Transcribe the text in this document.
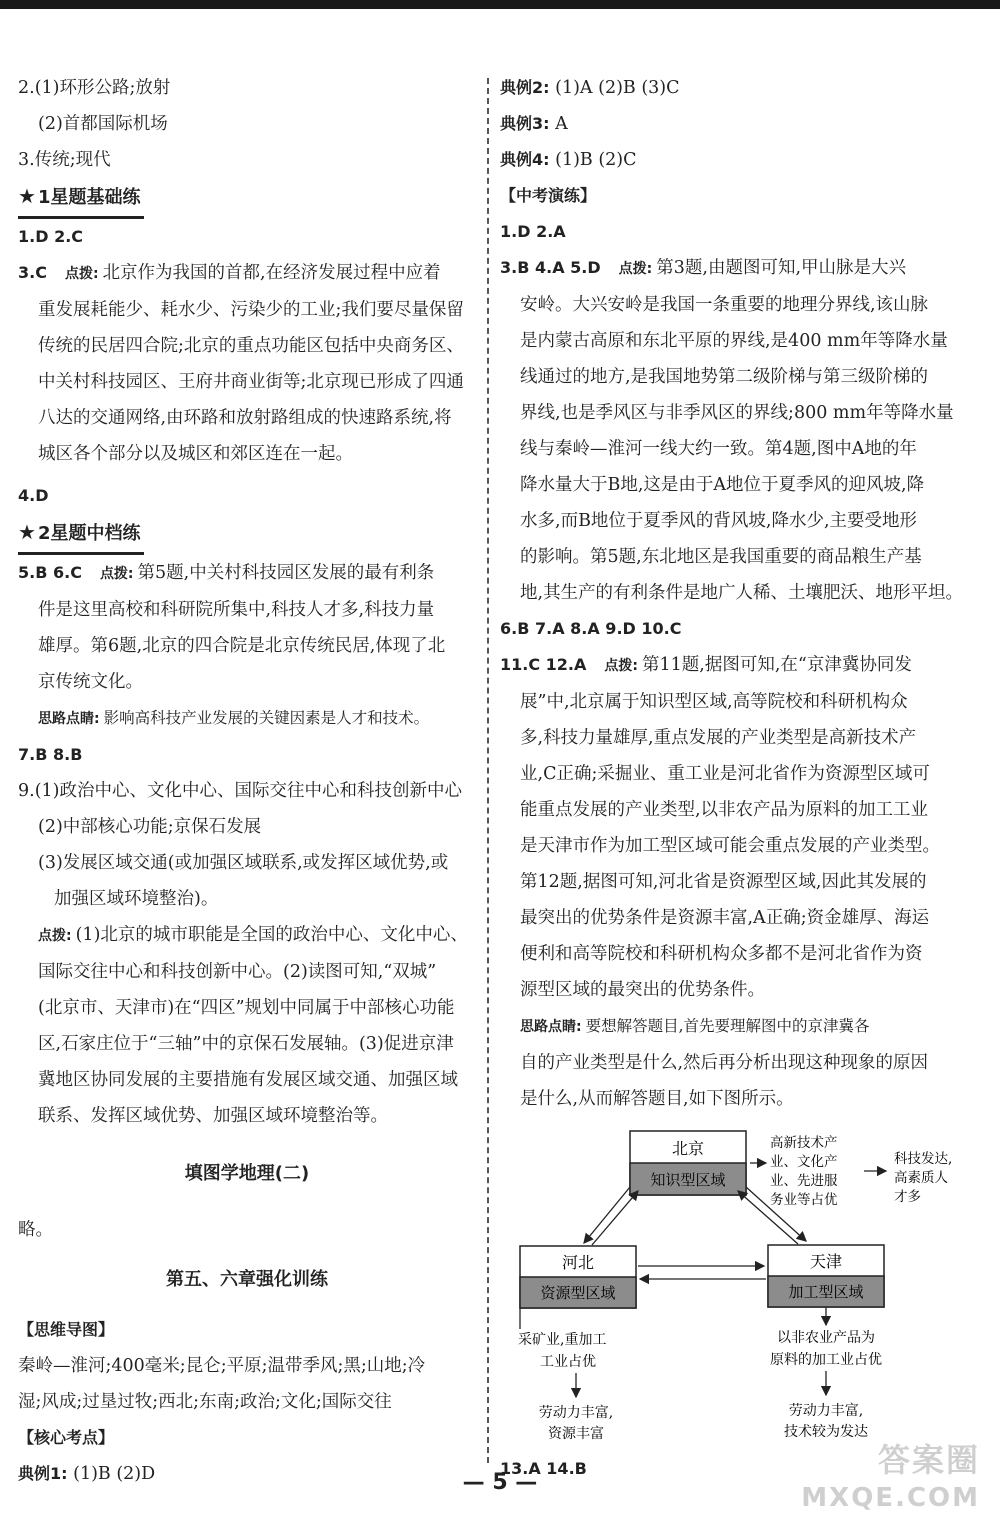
2.(1)环形公路;放射
(2)首都国际机场
3.传统;现代
★ 1星题基础练
1.D 2.C
3.C 点拨: 北京作为我国的首都,在经济发展过程中应着
重发展耗能少、耗水少、污染少的工业;我们要尽量保留
传统的民居四合院;北京的重点功能区包括中央商务区、
中关村科技园区、王府井商业街等;北京现已形成了四通
八达的交通网络,由环路和放射路组成的快速路系统,将
城区各个部分以及城区和郊区连在一起。
4.D
★ 2星题中档练
5.B 6.C 点拨: 第5题,中关村科技园区发展的最有利条
件是这里高校和科研院所集中,科技人才多,科技力量
雄厚。第6题,北京的四合院是北京传统民居,体现了北
京传统文化。
思路点睛: 影响高科技产业发展的关键因素是人才和技术。
7.B 8.B
9.(1)政治中心、文化中心、国际交往中心和科技创新中心
(2)中部核心功能;京保石发展
(3)发展区域交通(或加强区域联系,或发挥区域优势,或
加强区域环境整治)。
点拨: (1)北京的城市职能是全国的政治中心、文化中心、
国际交往中心和科技创新中心。(2)读图可知,“双城”
(北京市、天津市)在“四区”规划中同属于中部核心功能
区,石家庄位于“三轴”中的京保石发展轴。(3)促进京津
冀地区协同发展的主要措施有发展区域交通、加强区域
联系、发挥区域优势、加强区域环境整治等。
填图学地理(二)
略。
第五、六章强化训练
【思维导图】
秦岭—淮河;400毫米;昆仑;平原;温带季风;黑;山地;冷
湿;风成;过垦过牧;西北;东南;政治;文化;国际交往
【核心考点】
典例1: (1)B (2)D
典例2: (1)A (2)B (3)C
典例3: A
典例4: (1)B (2)C
【中考演练】
1.D 2.A
3.B 4.A 5.D 点拨: 第3题,由题图可知,甲山脉是大兴
安岭。大兴安岭是我国一条重要的地理分界线,该山脉
是内蒙古高原和东北平原的界线,是400 mm年等降水量
线通过的地方,是我国地势第二级阶梯与第三级阶梯的
界线,也是季风区与非季风区的界线;800 mm年等降水量
线与秦岭—淮河一线大约一致。第4题,图中A地的年
降水量大于B地,这是由于A地位于夏季风的迎风坡,降
水多,而B地位于夏季风的背风坡,降水少,主要受地形
的影响。第5题,东北地区是我国重要的商品粮生产基
地,其生产的有利条件是地广人稀、土壤肥沃、地形平坦。
6.B 7.A 8.A 9.D 10.C
11.C 12.A 点拨: 第11题,据图可知,在“京津冀协同发
展”中,北京属于知识型区域,高等院校和科研机构众
多,科技力量雄厚,重点发展的产业类型是高新技术产
业,C正确;采掘业、重工业是河北省作为资源型区域可
能重点发展的产业类型,以非农产品为原料的加工工业
是天津市作为加工型区域可能会重点发展的产业类型。
第12题,据图可知,河北省是资源型区域,因此其发展的
最突出的优势条件是资源丰富,A正确;资金雄厚、海运
便利和高等院校和科研机构众多都不是河北省作为资
源型区域的最突出的优势条件。
思路点睛: 要想解答题目,首先要理解图中的京津冀各
自的产业类型是什么,然后再分析出现这种现象的原因
是什么,从而解答题目,如下图所示。
北京
知识型区域
高新技术产
业、文化产
业、先进服
务业等占优
科技发达,
高素质人
才多
河北
资源型区域
天津
加工型区域
采矿业,重加工
工业占优
劳动力丰富,
资源丰富
以非农业产品为
原料的加工业占优
劳动力丰富,
技术较为发达
13.A 14.B
— 5 —
答案圈
MXQE.COM
